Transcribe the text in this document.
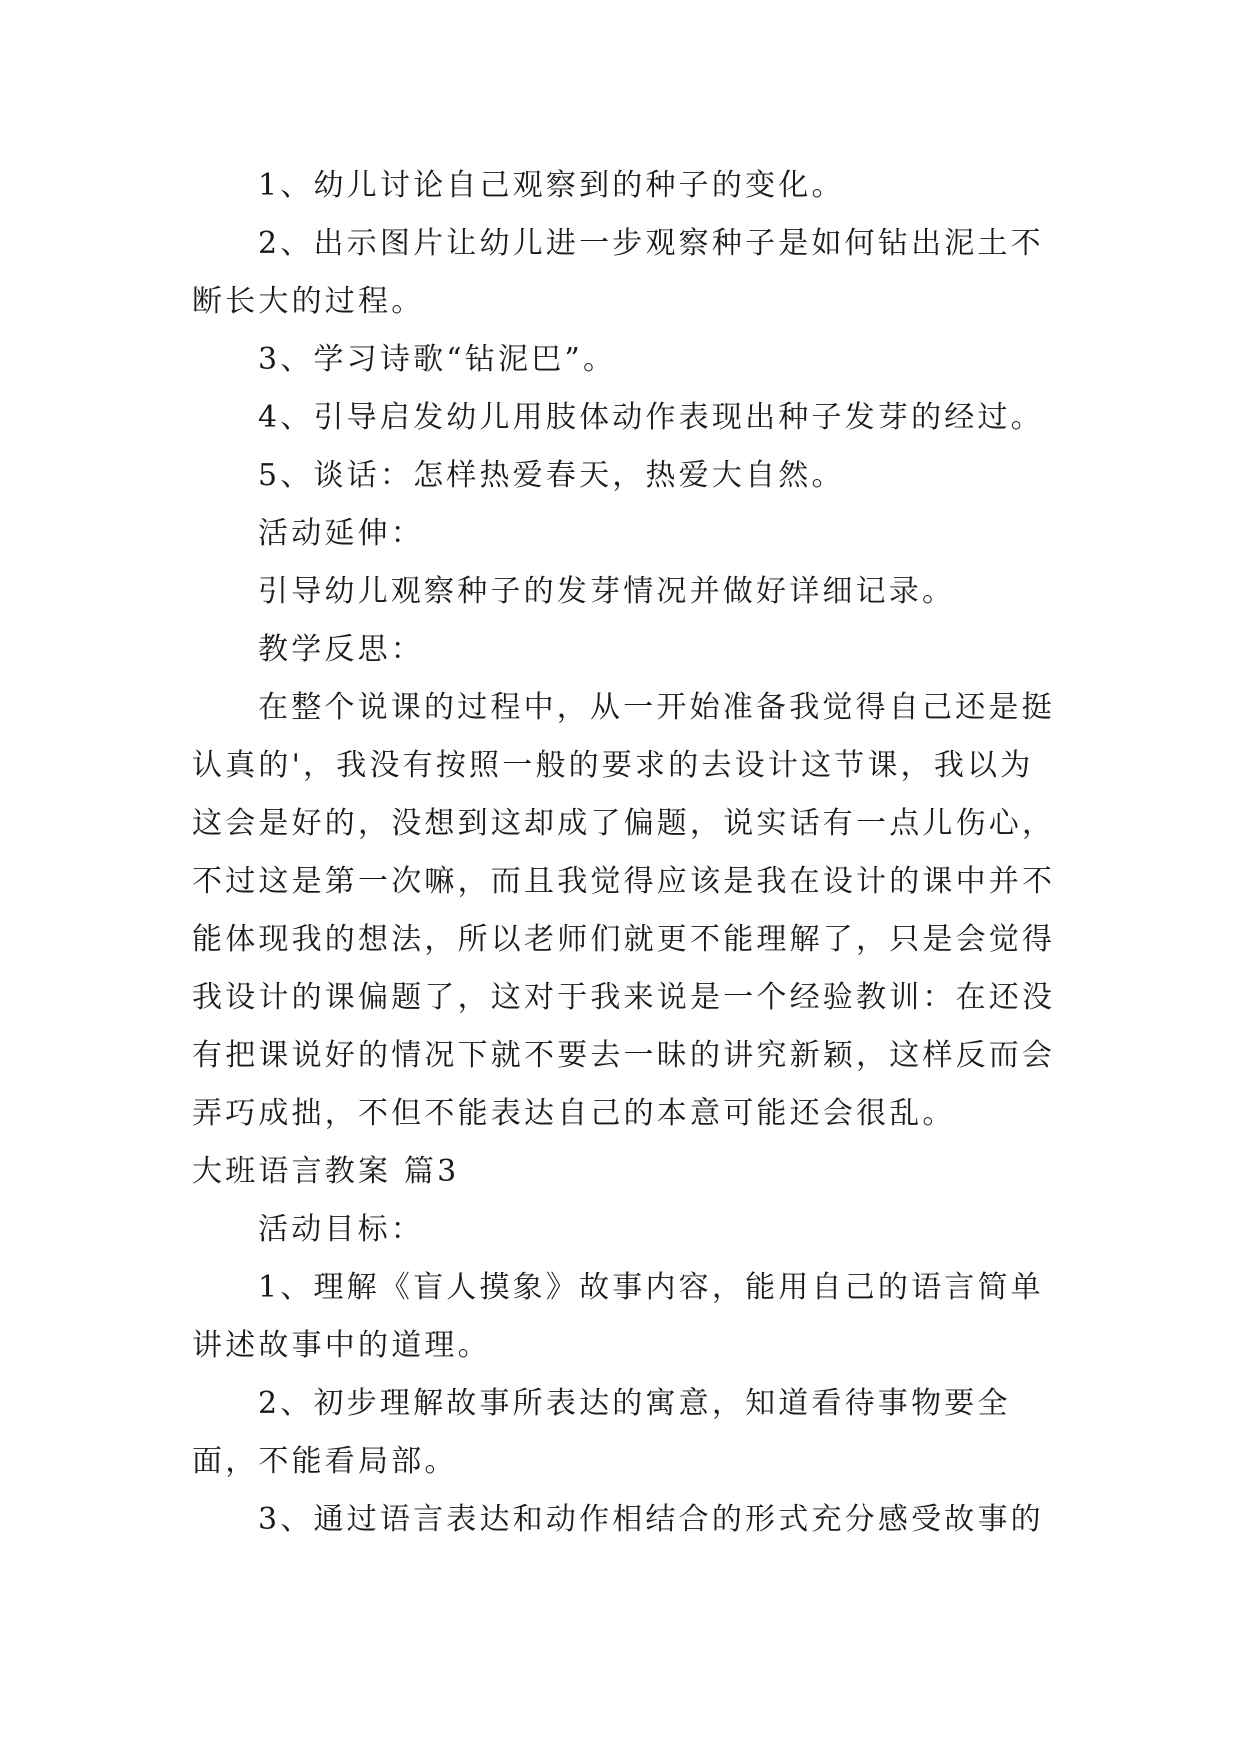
1、幼儿讨论自己观察到的种子的变化。

2、出示图片让幼儿进一步观察种子是如何钻出泥土不断长大的过程。

3、学习诗歌“钻泥巴”。

4、引导启发幼儿用肢体动作表现出种子发芽的经过。

5、谈话：怎样热爱春天，热爱大自然。

活动延伸：

引导幼儿观察种子的发芽情况并做好详细记录。

教学反思：

在整个说课的过程中，从一开始准备我觉得自己还是挺认真的'，我没有按照一般的要求的去设计这节课，我以为这会是好的，没想到这却成了偏题，说实话有一点儿伤心，不过这是第一次嘛，而且我觉得应该是我在设计的课中并不能体现我的想法，所以老师们就更不能理解了，只是会觉得我设计的课偏题了，这对于我来说是一个经验教训：在还没有把课说好的情况下就不要去一昧的讲究新颖，这样反而会弄巧成拙，不但不能表达自己的本意可能还会很乱。

大班语言教案 篇3

活动目标：

1、理解《盲人摸象》故事内容，能用自己的语言简单讲述故事中的道理。

2、初步理解故事所表达的寓意，知道看待事物要全面，不能看局部。

3、通过语言表达和动作相结合的形式充分感受故事的
